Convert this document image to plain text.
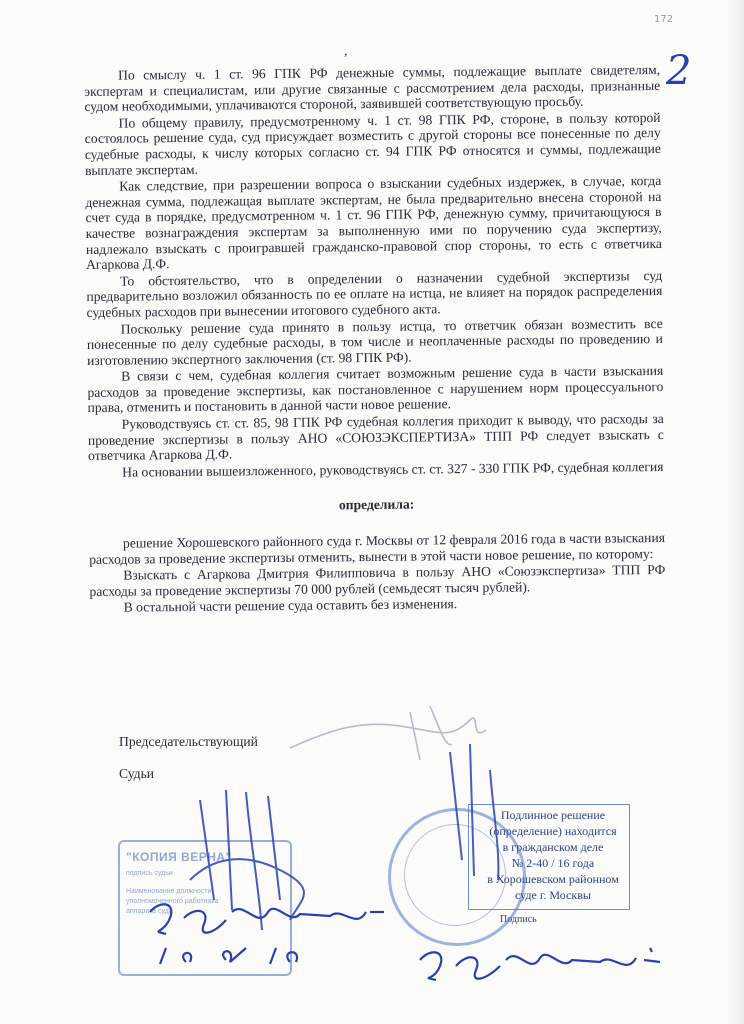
172
2
,

По смыслу ч. 1 ст. 96 ГПК РФ денежные суммы, подлежащие выплате свидетелям, экспертам и специалистам, или другие связанные с рассмотрением дела расходы, признанные судом необходимыми, уплачиваются стороной, заявившей соответствующую просьбу.

По общему правилу, предусмотренному ч. 1 ст. 98 ГПК РФ, стороне, в пользу которой состоялось решение суда, суд присуждает возместить с другой стороны все понесенные по делу судебные расходы, к числу которых согласно ст. 94 ГПК РФ относятся и суммы, подлежащие выплате экспертам.

Как следствие, при разрешении вопроса о взыскании судебных издержек, в случае, когда денежная сумма, подлежащая выплате экспертам, не была предварительно внесена стороной на счет суда в порядке, предусмотренном ч. 1 ст. 96 ГПК РФ, денежную сумму, причитающуюся в качестве вознаграждения экспертам за выполненную ими по поручению суда экспертизу, надлежало взыскать с проигравшей гражданско-правовой спор стороны, то есть с ответчика Агаркова Д.Ф.

То обстоятельство, что в определении о назначении судебной экспертизы суд предварительно возложил обязанность по ее оплате на истца, не влияет на порядок распределения судебных расходов при вынесении итогового судебного акта.

Поскольку решение суда принято в пользу истца, то ответчик обязан возместить все понесенные по делу судебные расходы, в том числе и неоплаченные расходы по проведению и изготовлению экспертного заключения (ст. 98 ГПК РФ).

В связи с чем, судебная коллегия считает возможным решение суда в части взыскания расходов за проведение экспертизы, как постановленное с нарушением норм процессуального права, отменить и постановить в данной части новое решение.

Руководствуясь ст. ст. 85, 98 ГПК РФ судебная коллегия приходит к выводу, что расходы за проведение экспертизы в пользу АНО «СОЮЗЭКСПЕРТИЗА» ТПП РФ следует взыскать с ответчика Агаркова Д.Ф.

На основании вышеизложенного, руководствуясь ст. ст. 327 - 330 ГПК РФ, судебная коллегия

определила:

решение Хорошевского районного суда г. Москвы от 12 февраля 2016 года в части взыскания расходов за проведение экспертизы отменить, вынести в этой части новое решение, по которому:

Взыскать с Агаркова Дмитрия Филипповича в пользу АНО «Союзэкспертиза» ТПП РФ расходы за проведение экспертизы 70 000 рублей (семьдесят тысяч рублей).

В остальной части решение суда оставить без изменения.

Председательствующий
Судьи
"КОПИЯ ВЕРНА"
подпись судьи
Наименование должности
уполномоченного работника
аппарата суда
Подлинное решение
(определение) находится
в гражданском деле
№ 2-40 / 16 года
в Хорошевском районном
суде г. Москвы
Подпись
